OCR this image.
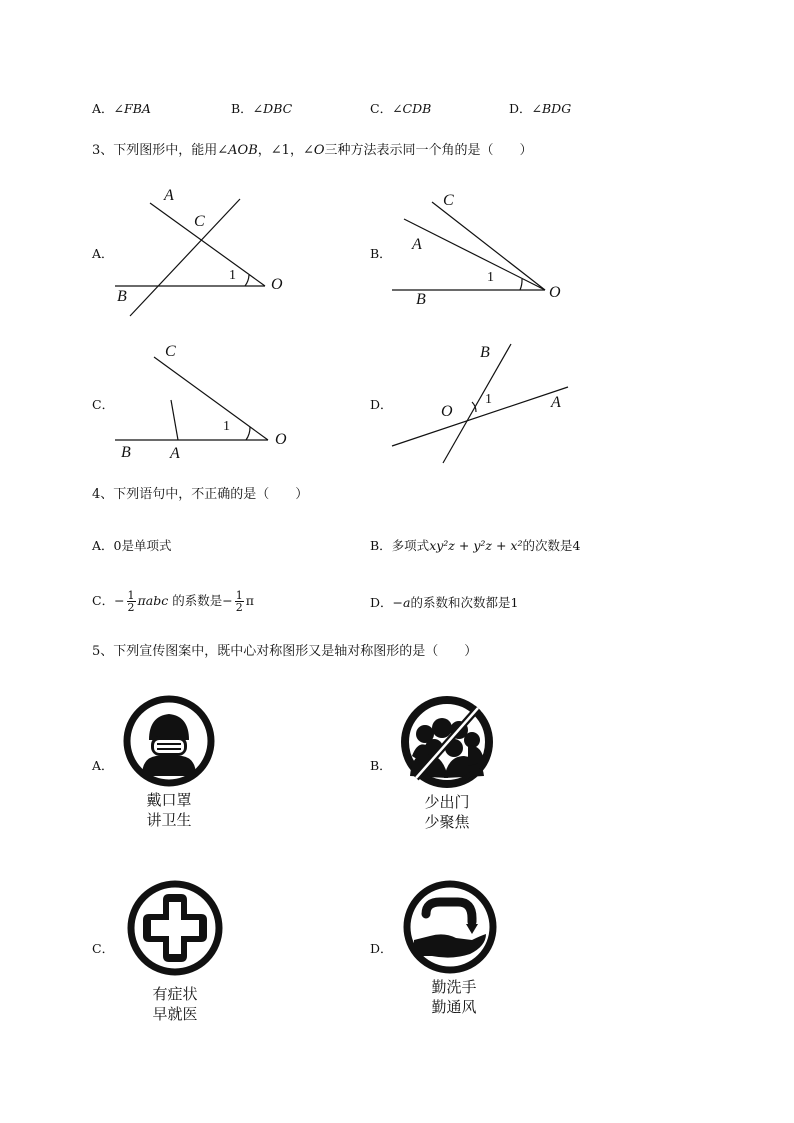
A．∠FBA	B．∠DBC	C．∠CDB	D．∠BDG
3、下列图形中，能用∠AOB，∠1，∠O三种方法表示同一个角的是（　　）
A．	B．
C．	D．
A
C
B
O
1
C
A
B	O
1
C
B A
O
1
B
O
A
1
4、下列语句中，不正确的是（　　）
A．0是单项式	B．多项式xy²z + y²z + x²的次数是4
C．− $\frac{1}{2}$ πabc 的系数是− $\frac{1}{2}$ π	D．−a的系数和次数都是1
5、下列宣传图案中，既中心对称图形又是轴对称图形的是（　　）
A．	B．
C．	D．
戴口罩
讲卫生
少出门
少聚焦
有症状
早就医
勤洗手
勤通风
